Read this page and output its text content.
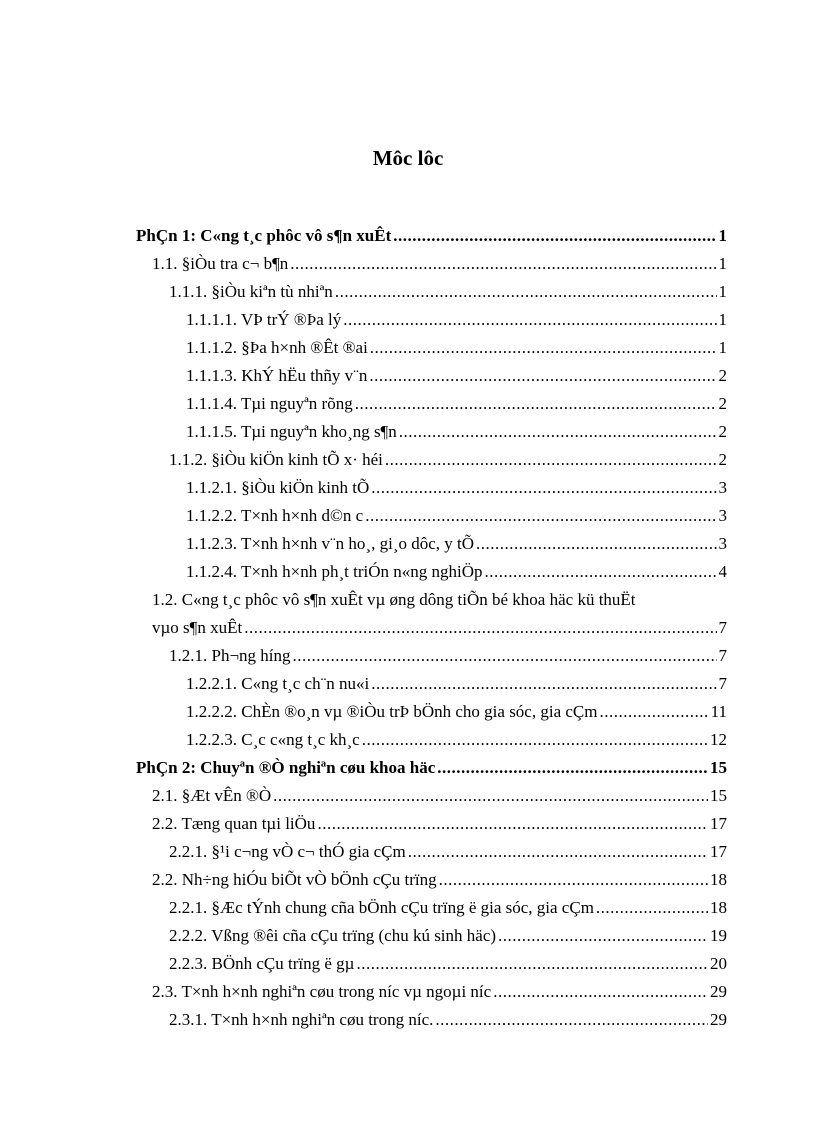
Môc lôc
PhÇn 1: C«ng t¸c phôc vô s¶n xuÊt .....	1
1.1. §iÒu tra c¬ b¶n .....	1
1.1.1. §iÒu kiªn tù nhiªn .....	1
1.1.1.1. VÞ trÝ ®Þa lý .....	1
1.1.1.2. §Þa h×nh ®Êt ®ai .....	1
1.1.1.3. KhÝ hËu thñy v¨n .....	2
1.1.1.4. Tµi nguyªn rõng .....	2
1.1.1.5. Tµi nguyªn kho¸ng s¶n .....	2
1.1.2. §iÒu kiÖn kinh tÕ x· héi .....	2
1.1.2.1. §iÒu kiÖn kinh tÕ .....	3
1.1.2.2. T×nh h×nh d©n c .....	3
1.1.2.3. T×nh h×nh v¨n ho¸, gi¸o dôc, y tÕ .....	3
1.1.2.4. T×nh h×nh ph¸t triÓn n«ng nghiÖp .....	4
1.2. C«ng t¸c phôc vô s¶n xuÊt vµ øng dông tiÕn bé khoa häc kü thuËt
vµo s¶n xuÊt .....	7
1.2.1. Ph¬ng híng .....	7
1.2.2.1. C«ng t¸c ch¨n nu«i .....	7
1.2.2.2. ChÈn ®o¸n vµ ®iÒu trÞ bÖnh cho gia sóc, gia cÇm .....	11
1.2.2.3. C¸c c«ng t¸c kh¸c .....	12
PhÇn 2: Chuyªn ®Ò nghiªn cøu khoa häc .....	15
2.1. §Æt vÊn ®Ò .....	15
2.2. Tæng quan tµi liÖu .....	17
2.2.1. §¹i c¬ng vÒ c¬ thÓ gia cÇm .....	17
2.2. Nh÷ng hiÓu biÕt vÒ bÖnh cÇu trïng .....	18
2.2.1. §Æc tÝnh chung cña bÖnh cÇu trïng ë gia sóc, gia cÇm .....	18
2.2.2. Vßng ®êi cña cÇu trïng (chu kú sinh häc) .....	19
2.2.3. BÖnh cÇu trïng ë gµ .....	20
2.3. T×nh h×nh nghiªn cøu trong níc vµ ngoµi níc .....	29
2.3.1. T×nh h×nh nghiªn cøu trong níc. .....	29
